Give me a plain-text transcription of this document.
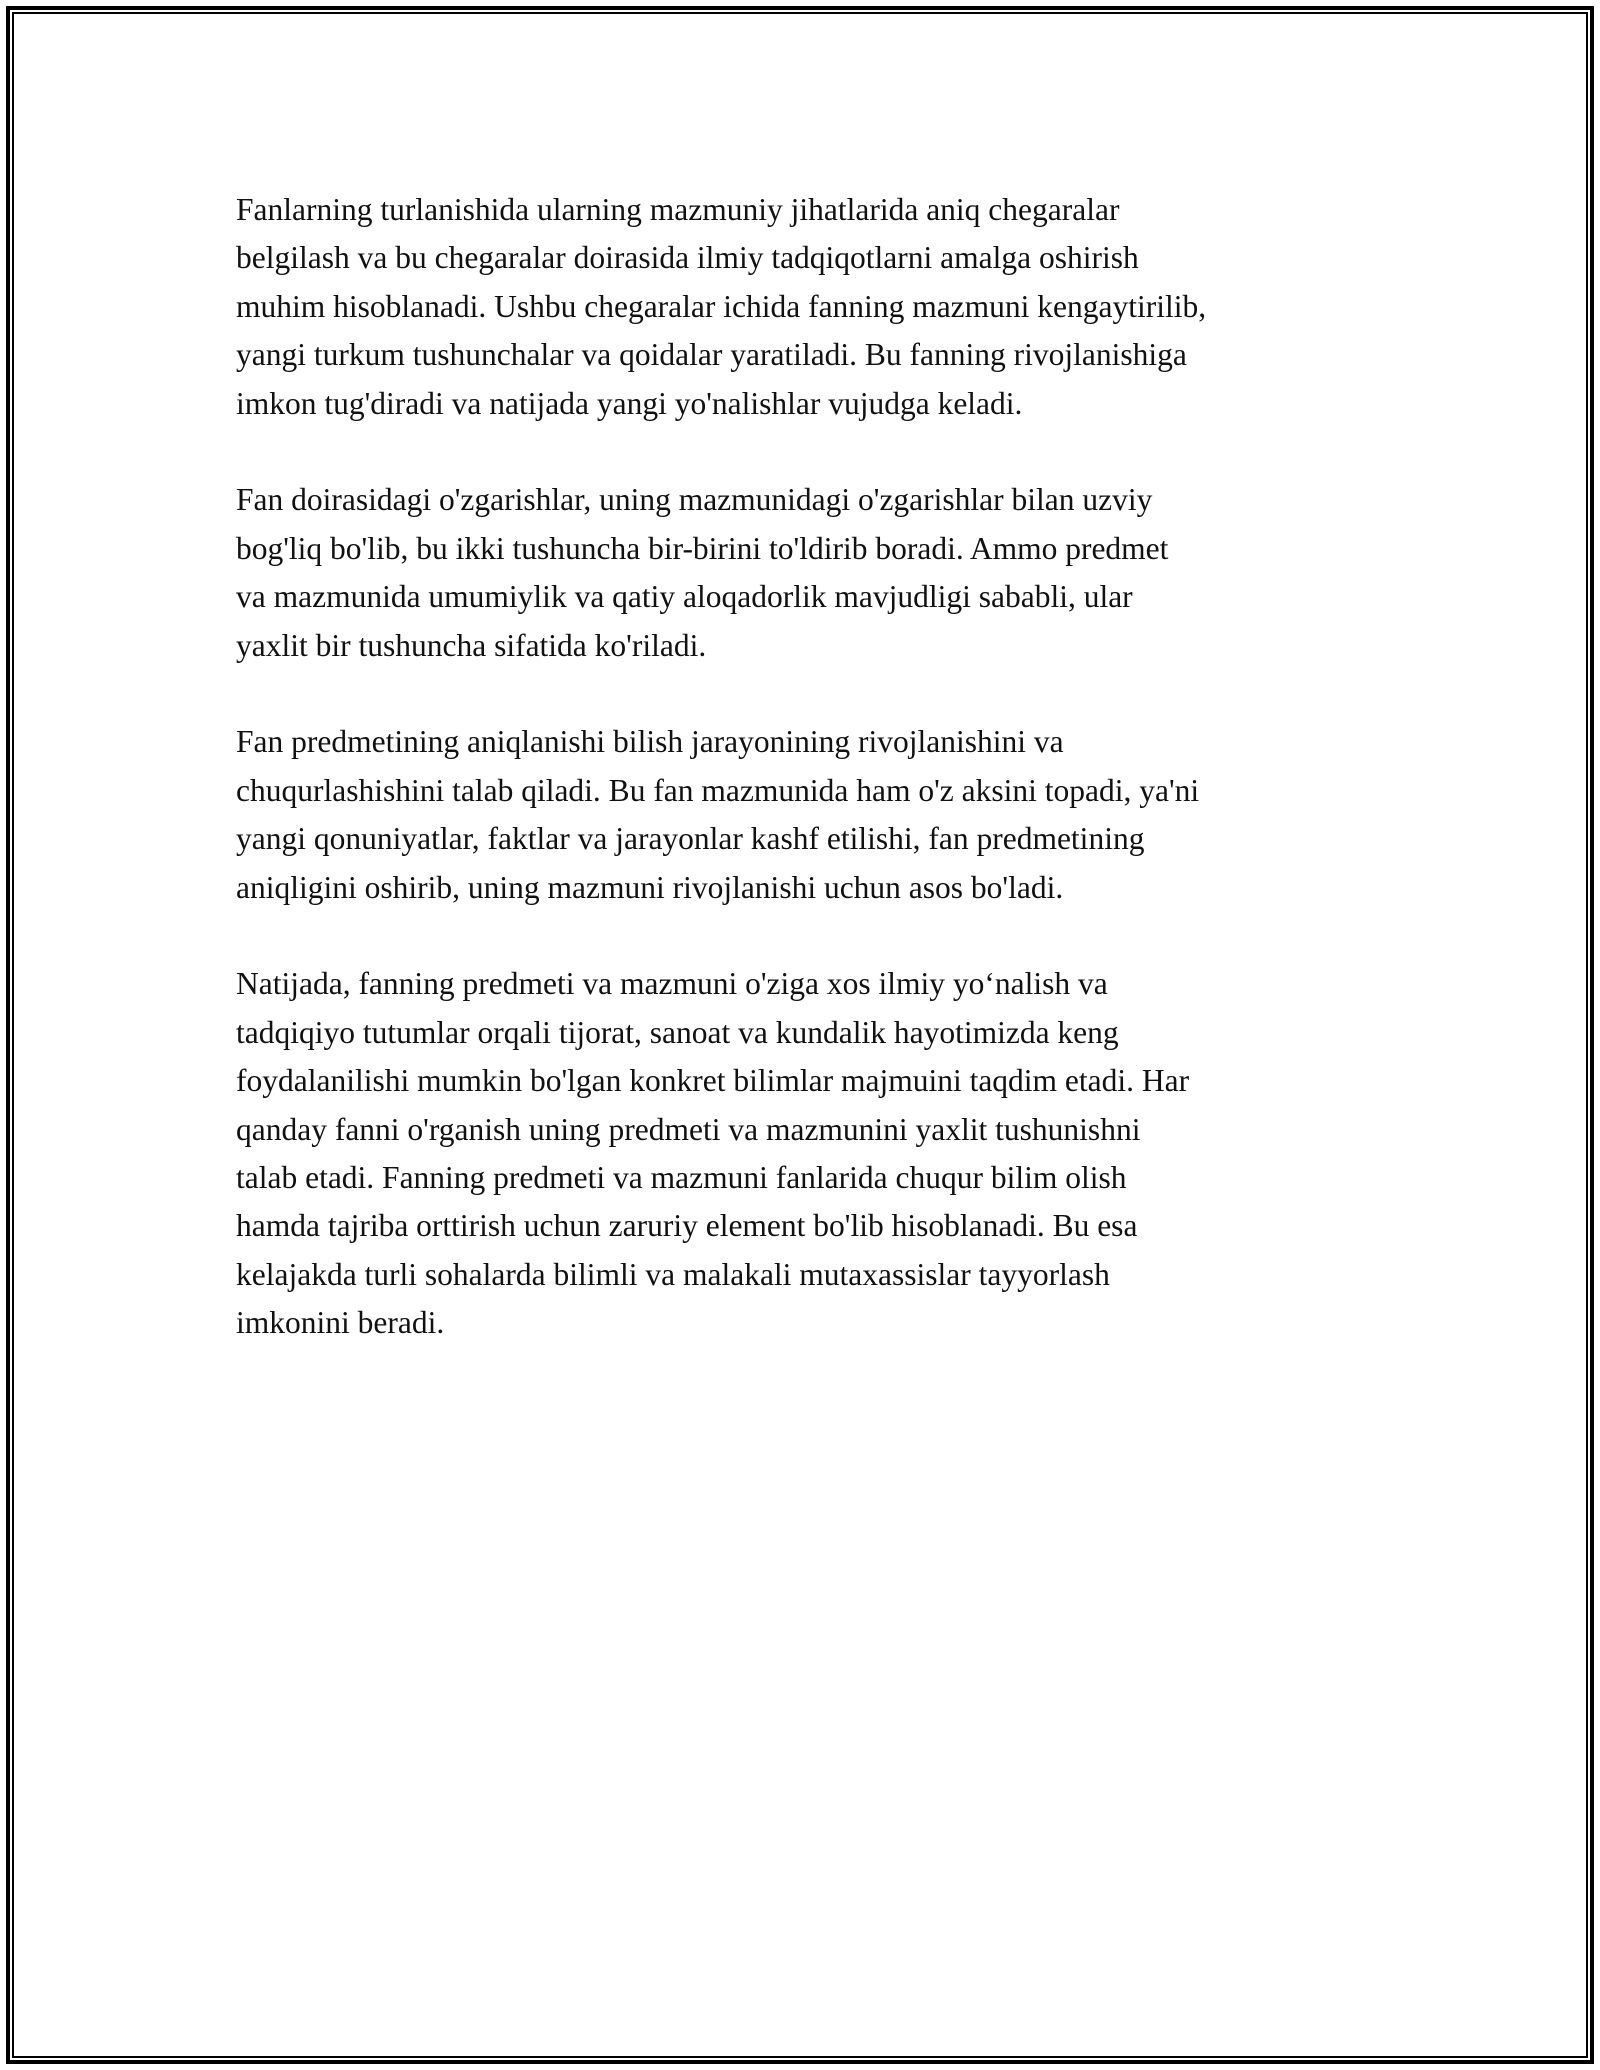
Fanlarning turlanishida ularning mazmuniy jihatlarida aniq chegaralar
belgilash va bu chegaralar doirasida ilmiy tadqiqotlarni amalga oshirish
muhim hisoblanadi. Ushbu chegaralar ichida fanning mazmuni kengaytirilib,
yangi turkum tushunchalar va qoidalar yaratiladi. Bu fanning rivojlanishiga
imkon tug'diradi va natijada yangi yo'nalishlar vujudga keladi.

Fan doirasidagi o'zgarishlar, uning mazmunidagi o'zgarishlar bilan uzviy
bog'liq bo'lib, bu ikki tushuncha bir-birini to'ldirib boradi. Ammo predmet
va mazmunida umumiylik va qatiy aloqadorlik mavjudligi sababli, ular
yaxlit bir tushuncha sifatida ko'riladi.

Fan predmetining aniqlanishi bilish jarayonining rivojlanishini va
chuqurlashishini talab qiladi. Bu fan mazmunida ham o'z aksini topadi, ya'ni
yangi qonuniyatlar, faktlar va jarayonlar kashf etilishi, fan predmetining
aniqligini oshirib, uning mazmuni rivojlanishi uchun asos bo'ladi.

Natijada, fanning predmeti va mazmuni o'ziga xos ilmiy yo‘nalish va
tadqiqiyo tutumlar orqali tijorat, sanoat va kundalik hayotimizda keng
foydalanilishi mumkin bo'lgan konkret bilimlar majmuini taqdim etadi. Har
qanday fanni o'rganish uning predmeti va mazmunini yaxlit tushunishni
talab etadi. Fanning predmeti va mazmuni fanlarida chuqur bilim olish
hamda tajriba orttirish uchun zaruriy element bo'lib hisoblanadi. Bu esa
kelajakda turli sohalarda bilimli va malakali mutaxassislar tayyorlash
imkonini beradi.
